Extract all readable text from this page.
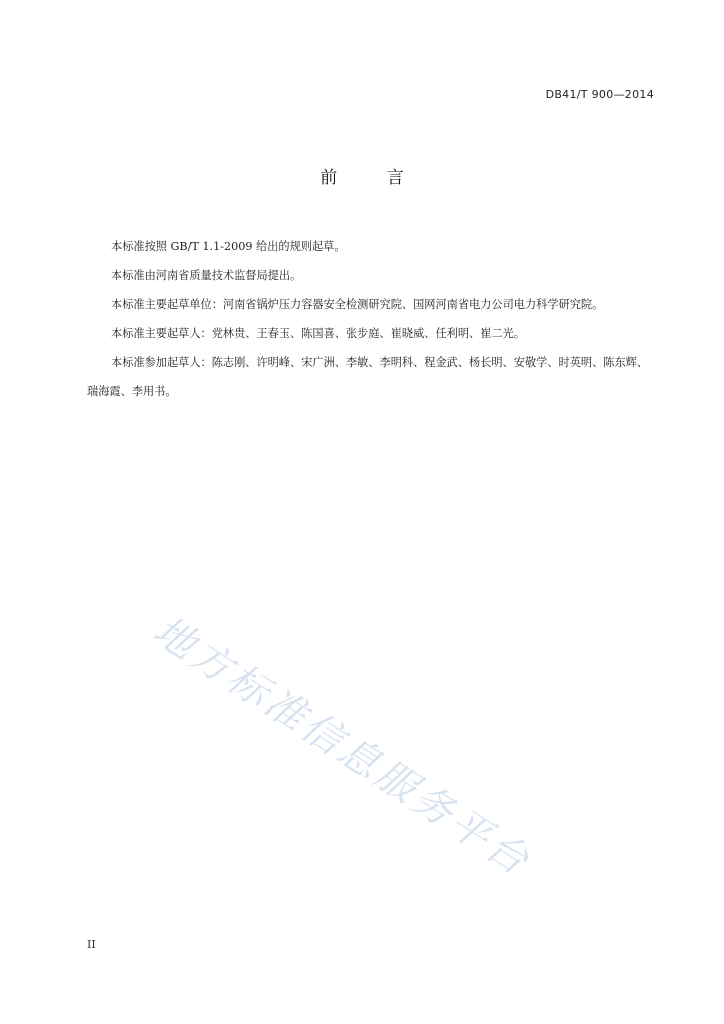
DB41/T 900—2014
前 言

本标准按照 GB/T 1.1-2009 给出的规则起草。

本标准由河南省质量技术监督局提出。

本标准主要起草单位：河南省锅炉压力容器安全检测研究院、国网河南省电力公司电力科学研究院。

本标准主要起草人：党林贵、王春玉、陈国喜、张步庭、崔晓威、任利明、崔二光。

本标准参加起草人：陈志刚、许明峰、宋广洲、李敏、李明科、程金武、杨长明、安敬学、时英明、陈东辉、瑞海霞、李用书。

地方标准信息服务平台
II
